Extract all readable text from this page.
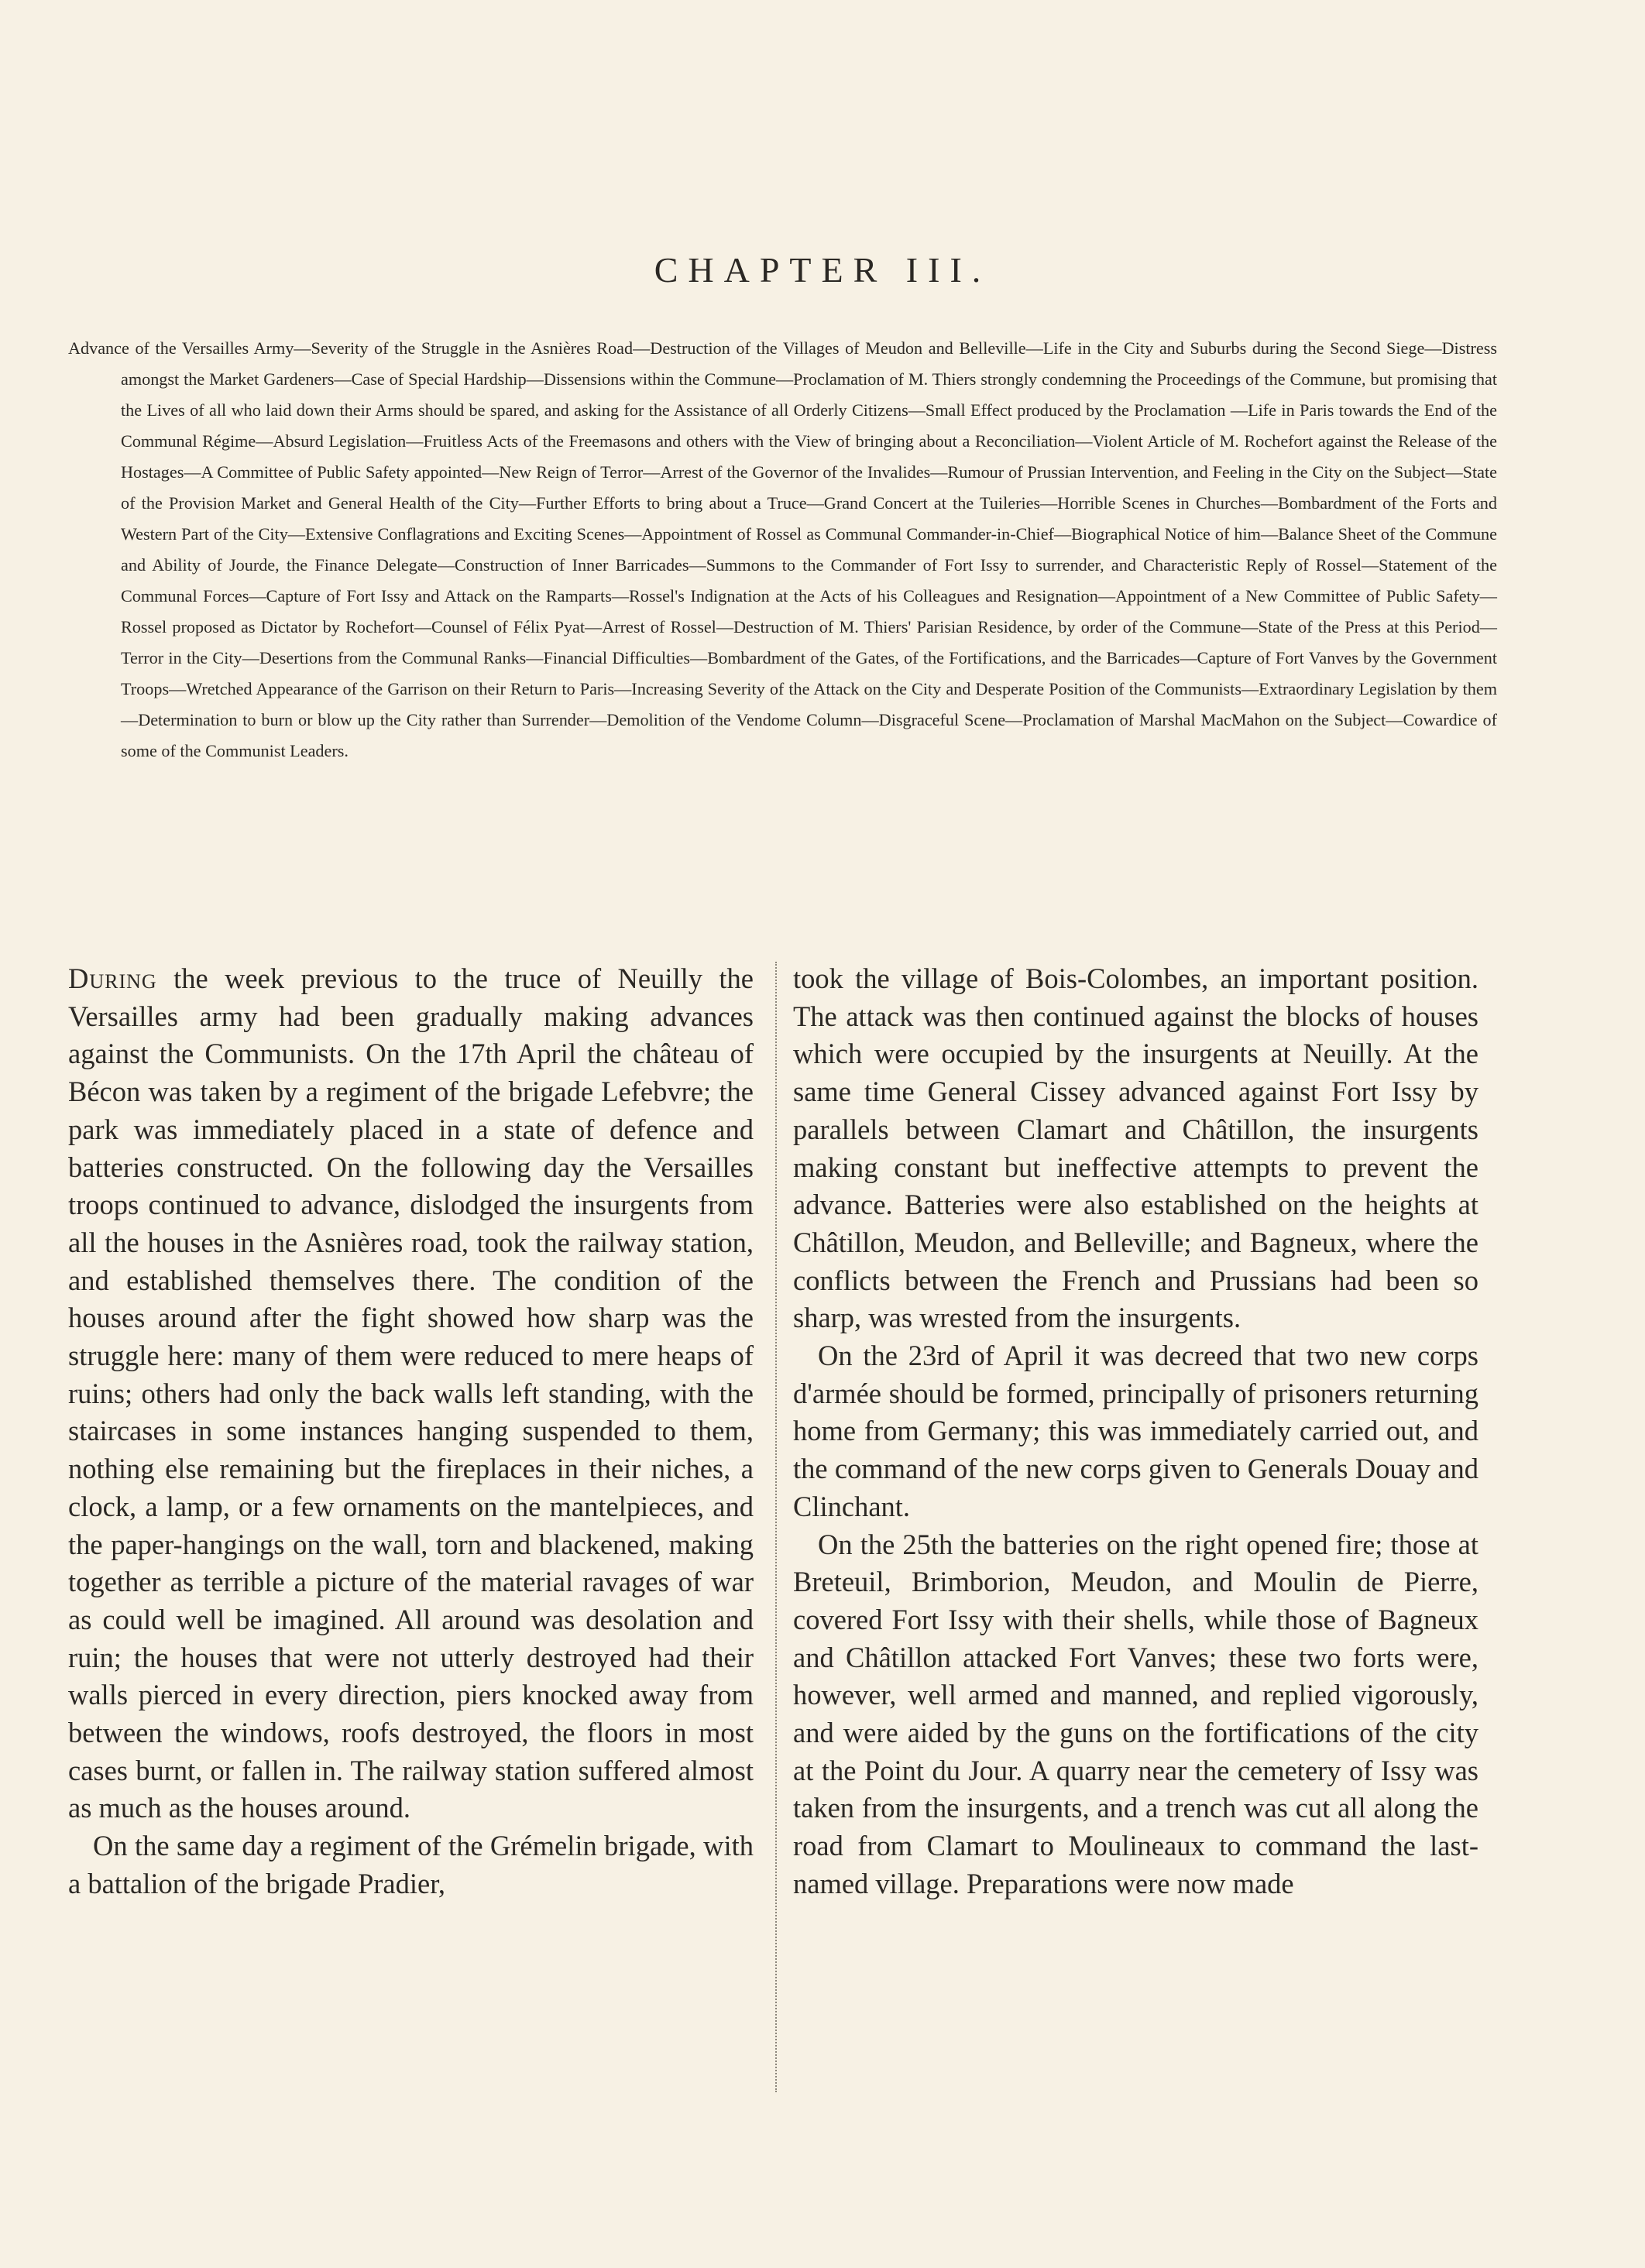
CHAPTER III.

Advance of the Versailles Army—Severity of the Struggle in the Asnières Road—Destruction of the Villages of Meudon and Belleville—Life in the City and Suburbs during the Second Siege—Distress amongst the Market Gardeners—Case of Special Hardship—Dissensions within the Commune—Proclamation of M. Thiers strongly condemning the Proceedings of the Commune, but promising that the Lives of all who laid down their Arms should be spared, and asking for the Assistance of all Orderly Citizens—Small Effect produced by the Proclamation —Life in Paris towards the End of the Communal Régime—Absurd Legislation—Fruitless Acts of the Freemasons and others with the View of bringing about a Reconciliation—Violent Article of M. Rochefort against the Release of the Hostages—A Committee of Public Safety appointed—New Reign of Terror—Arrest of the Governor of the Invalides—Rumour of Prussian Intervention, and Feeling in the City on the Subject—State of the Provision Market and General Health of the City—Further Efforts to bring about a Truce—Grand Concert at the Tuileries—Horrible Scenes in Churches—Bombardment of the Forts and Western Part of the City—Extensive Conflagrations and Exciting Scenes—Appointment of Rossel as Communal Commander-in-Chief—Biographical Notice of him—Balance Sheet of the Commune and Ability of Jourde, the Finance Delegate—Construction of Inner Barricades—Summons to the Commander of Fort Issy to surrender, and Characteristic Reply of Rossel—Statement of the Communal Forces—Capture of Fort Issy and Attack on the Ramparts—Rossel's Indignation at the Acts of his Colleagues and Resignation—Appointment of a New Committee of Public Safety—Rossel proposed as Dictator by Rochefort—Counsel of Félix Pyat—Arrest of Rossel—Destruction of M. Thiers' Parisian Residence, by order of the Commune—State of the Press at this Period—Terror in the City—Desertions from the Communal Ranks—Financial Difficulties—Bombardment of the Gates, of the Fortifications, and the Barricades—Capture of Fort Vanves by the Government Troops—Wretched Appearance of the Garrison on their Return to Paris—Increasing Severity of the Attack on the City and Desperate Position of the Communists—Extraordinary Legislation by them—Determination to burn or blow up the City rather than Surrender—Demolition of the Vendome Column—Disgraceful Scene—Proclamation of Marshal MacMahon on the Subject—Cowardice of some of the Communist Leaders.

During the week previous to the truce of Neuilly the Versailles army had been gradually making advances against the Communists. On the 17th April the château of Bécon was taken by a regiment of the brigade Lefebvre; the park was immediately placed in a state of defence and batteries constructed. On the following day the Versailles troops continued to advance, dislodged the insurgents from all the houses in the Asnières road, took the railway station, and established themselves there. The condition of the houses around after the fight showed how sharp was the struggle here: many of them were reduced to mere heaps of ruins; others had only the back walls left standing, with the staircases in some instances hanging suspended to them, nothing else remaining but the fireplaces in their niches, a clock, a lamp, or a few ornaments on the mantelpieces, and the paper-hangings on the wall, torn and blackened, making together as terrible a picture of the material ravages of war as could well be imagined. All around was desolation and ruin; the houses that were not utterly destroyed had their walls pierced in every direction, piers knocked away from between the windows, roofs destroyed, the floors in most cases burnt, or fallen in. The railway station suffered almost as much as the houses around.

On the same day a regiment of the Grémelin brigade, with a battalion of the brigade Pradier,

took the village of Bois-Colombes, an important position. The attack was then continued against the blocks of houses which were occupied by the insurgents at Neuilly. At the same time General Cissey advanced against Fort Issy by parallels between Clamart and Châtillon, the insurgents making constant but ineffective attempts to prevent the advance. Batteries were also established on the heights at Châtillon, Meudon, and Belleville; and Bagneux, where the conflicts between the French and Prussians had been so sharp, was wrested from the insurgents.

On the 23rd of April it was decreed that two new corps d'armée should be formed, principally of prisoners returning home from Germany; this was immediately carried out, and the command of the new corps given to Generals Douay and Clinchant.

On the 25th the batteries on the right opened fire; those at Breteuil, Brimborion, Meudon, and Moulin de Pierre, covered Fort Issy with their shells, while those of Bagneux and Châtillon attacked Fort Vanves; these two forts were, however, well armed and manned, and replied vigorously, and were aided by the guns on the fortifications of the city at the Point du Jour. A quarry near the cemetery of Issy was taken from the insurgents, and a trench was cut all along the road from Clamart to Moulineaux to command the last-named village. Preparations were now made
